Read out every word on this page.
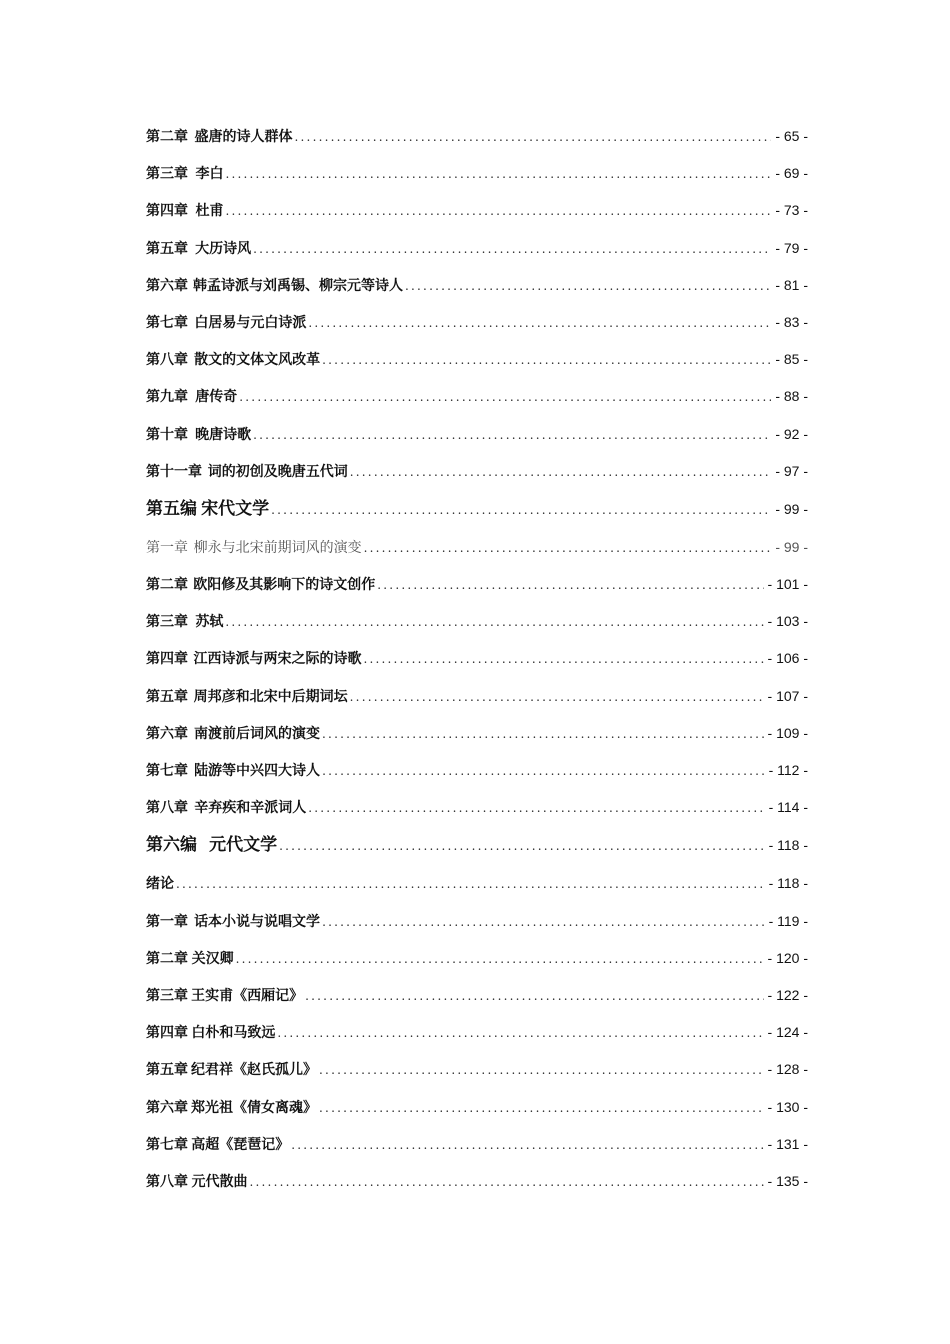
第二章 盛唐的诗人群体 .....	- 65 -
第三章 李白 .....	- 69 -
第四章 杜甫 .....	- 73 -
第五章 大历诗风 .....	- 79 -
第六章 韩孟诗派与刘禹锡、柳宗元等诗人 .....	- 81 -
第七章 白居易与元白诗派 .....	- 83 -
第八章 散文的文体文风改革 .....	- 85 -
第九章 唐传奇 .....	- 88 -
第十章 晚唐诗歌 .....	- 92 -
第十一章 词的初创及晚唐五代词 .....	- 97 -
第五编 宋代文学 .....	- 99 -
第一章 柳永与北宋前期词风的演变 .....	- 99 -
第二章 欧阳修及其影响下的诗文创作 .....	- 101 -
第三章 苏轼 .....	- 103 -
第四章 江西诗派与两宋之际的诗歌 .....	- 106 -
第五章 周邦彦和北宋中后期词坛 .....	- 107 -
第六章 南渡前后词风的演变 .....	- 109 -
第七章 陆游等中兴四大诗人 .....	- 112 -
第八章 辛弃疾和辛派词人 .....	- 114 -
第六编 元代文学 .....	- 118 -
绪论 .....	- 118 -
第一章 话本小说与说唱文学 .....	- 119 -
第二章 关汉卿 .....	- 120 -
第三章 王实甫《西厢记》 .....	- 122 -
第四章 白朴和马致远 .....	- 124 -
第五章 纪君祥《赵氏孤儿》 .....	- 128 -
第六章 郑光祖《倩女离魂》 .....	- 130 -
第七章 高超《琵琶记》 .....	- 131 -
第八章 元代散曲 .....	- 135 -
